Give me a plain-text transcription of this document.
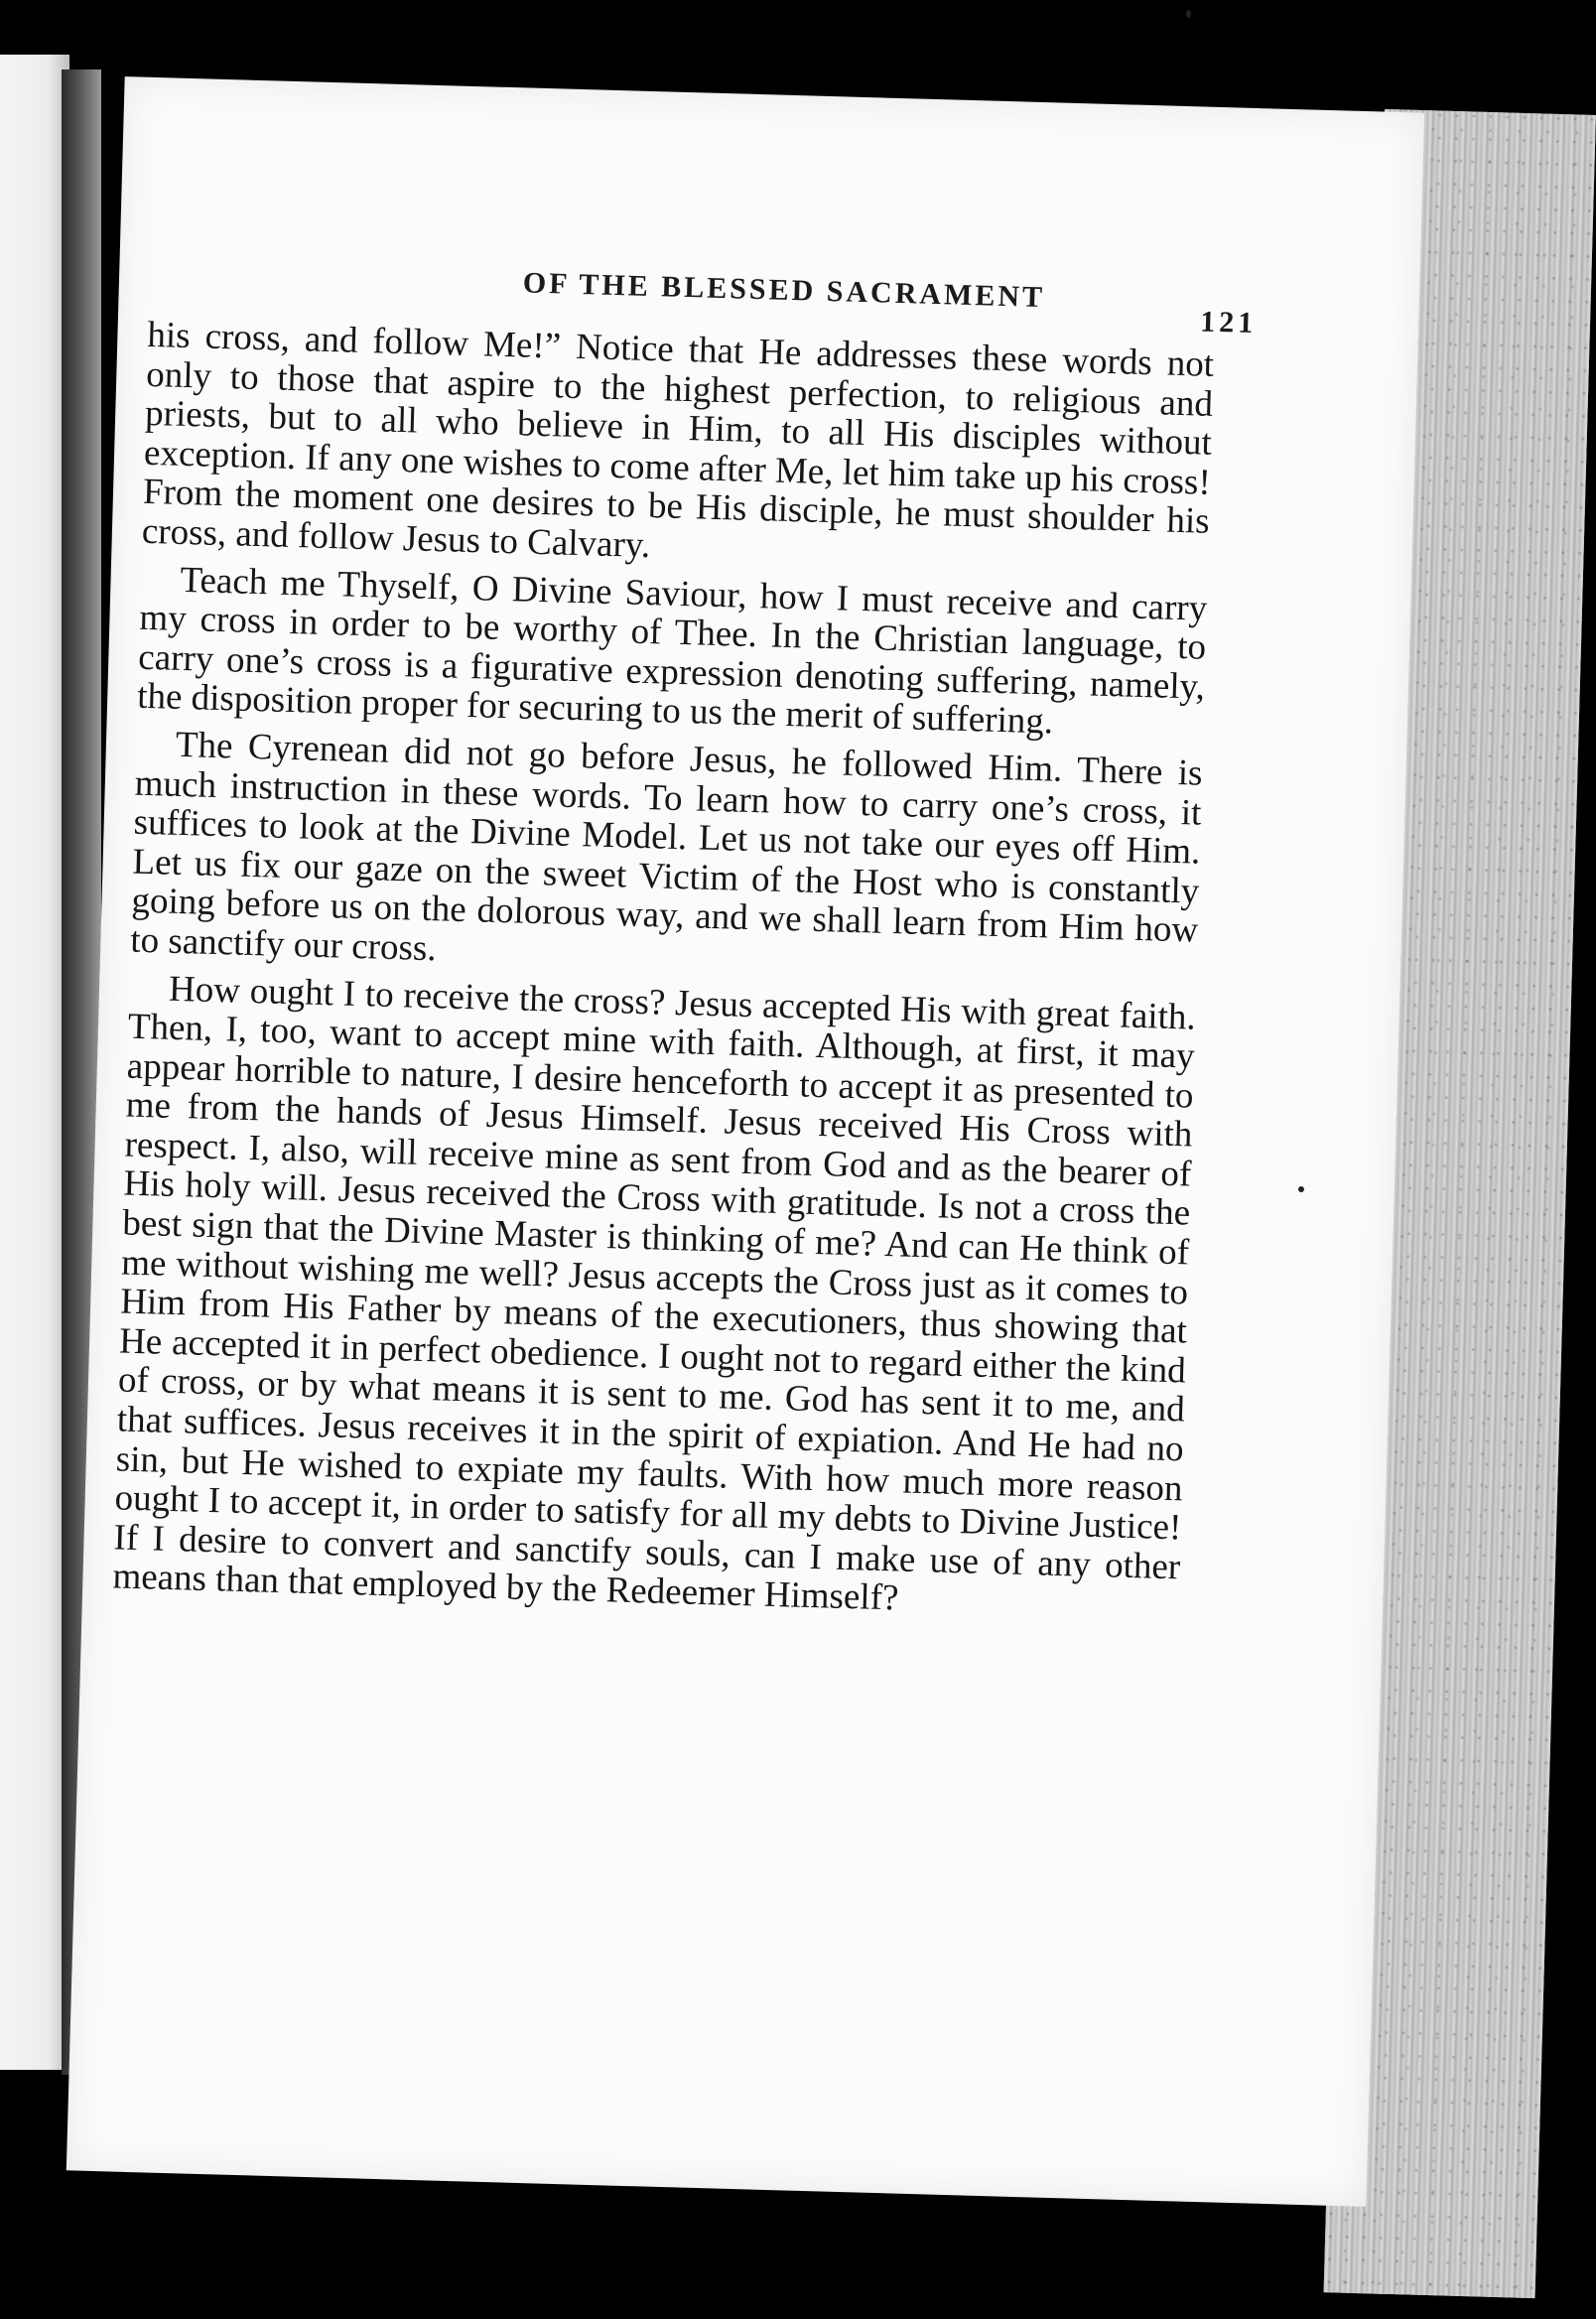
OF THE BLESSED SACRAMENT
121

his cross, and follow Me!” Notice that He addresses these words not only to those that aspire to the highest perfection, to religious and priests, but to all who believe in Him, to all His disciples without exception. If any one wishes to come after Me, let him take up his cross! From the moment one desires to be His disciple, he must shoulder his cross, and follow Jesus to Calvary.

Teach me Thyself, O Divine Saviour, how I must receive and carry my cross in order to be worthy of Thee. In the Christian language, to carry one’s cross is a figurative expression denoting suffering, namely, the disposition proper for securing to us the merit of suffering.

The Cyrenean did not go before Jesus, he followed Him. There is much instruction in these words. To learn how to carry one’s cross, it suffices to look at the Divine Model. Let us not take our eyes off Him. Let us fix our gaze on the sweet Victim of the Host who is constantly going before us on the dolorous way, and we shall learn from Him how to sanctify our cross.

How ought I to receive the cross? Jesus accepted His with great faith. Then, I, too, want to accept mine with faith. Although, at first, it may appear horrible to nature, I desire henceforth to accept it as presented to me from the hands of Jesus Himself. Jesus received His Cross with respect. I, also, will receive mine as sent from God and as the bearer of His holy will. Jesus received the Cross with gratitude. Is not a cross the best sign that the Divine Master is thinking of me? And can He think of me without wishing me well? Jesus accepts the Cross just as it comes to Him from His Father by means of the executioners, thus showing that He accepted it in perfect obedience. I ought not to regard either the kind of cross, or by what means it is sent to me. God has sent it to me, and that suffices. Jesus receives it in the spirit of expiation. And He had no sin, but He wished to expiate my faults. With how much more reason ought I to accept it, in order to satisfy for all my debts to Divine Justice! If I desire to convert and sanctify souls, can I make use of any other means than that employed by the Redeemer Himself?
